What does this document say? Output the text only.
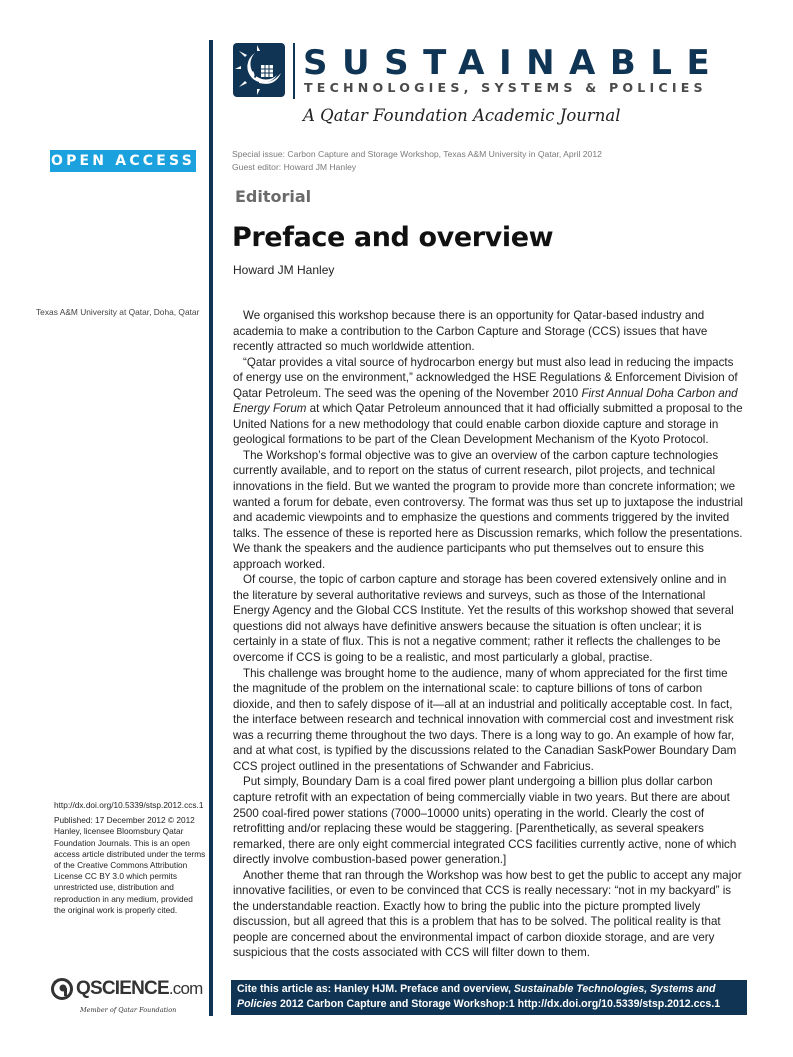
SUSTAINABLE
TECHNOLOGIES, SYSTEMS & POLICIES
A Qatar Foundation Academic Journal
OPEN ACCESS	Special issue: Carbon Capture and Storage Workshop, Texas A&M University in Qatar, April 2012
Guest editor: Howard JM Hanley
Editorial
Preface and overview
Howard JM Hanley
Texas A&M University at Qatar, Doha, Qatar	We organised this workshop because there is an opportunity for Qatar-based industry and academia to make a contribution to the Carbon Capture and Storage (CCS) issues that have recently attracted so much worldwide attention.

“Qatar provides a vital source of hydrocarbon energy but must also lead in reducing the impacts of energy use on the environment,” acknowledged the HSE Regulations & Enforcement Division of Qatar Petroleum. The seed was the opening of the November 2010 First Annual Doha Carbon and Energy Forum at which Qatar Petroleum announced that it had officially submitted a proposal to the United Nations for a new methodology that could enable carbon dioxide capture and storage in geological formations to be part of the Clean Development Mechanism of the Kyoto Protocol.

The Workshop’s formal objective was to give an overview of the carbon capture technologies currently available, and to report on the status of current research, pilot projects, and technical innovations in the field. But we wanted the program to provide more than concrete information; we wanted a forum for debate, even controversy. The format was thus set up to juxtapose the industrial and academic viewpoints and to emphasize the questions and comments triggered by the invited talks. The essence of these is reported here as Discussion remarks, which follow the presentations. We thank the speakers and the audience participants who put themselves out to ensure this approach worked.

Of course, the topic of carbon capture and storage has been covered extensively online and in the literature by several authoritative reviews and surveys, such as those of the International Energy Agency and the Global CCS Institute. Yet the results of this workshop showed that several questions did not always have definitive answers because the situation is often unclear; it is certainly in a state of flux. This is not a negative comment; rather it reflects the challenges to be overcome if CCS is going to be a realistic, and most particularly a global, practise.

This challenge was brought home to the audience, many of whom appreciated for the first time the magnitude of the problem on the international scale: to capture billions of tons of carbon dioxide, and then to safely dispose of it—all at an industrial and politically acceptable cost. In fact, the interface between research and technical innovation with commercial cost and investment risk was a recurring theme throughout the two days. There is a long way to go. An example of how far, and at what cost, is typified by the discussions related to the Canadian SaskPower Boundary Dam CCS project outlined in the presentations of Schwander and Fabricius.

Put simply, Boundary Dam is a coal fired power plant undergoing a billion plus dollar carbon capture retrofit with an expectation of being commercially viable in two years. But there are about 2500 coal-fired power stations (7000–10000 units) operating in the world. Clearly the cost of retrofitting and/or replacing these would be staggering. [Parenthetically, as several speakers remarked, there are only eight commercial integrated CCS facilities currently active, none of which directly involve combustion-based power generation.]

Another theme that ran through the Workshop was how best to get the public to accept any major innovative facilities, or even to be convinced that CCS is really necessary: “not in my backyard” is the understandable reaction. Exactly how to bring the public into the picture prompted lively discussion, but all agreed that this is a problem that has to be solved. The political reality is that people are concerned about the environmental impact of carbon dioxide storage, and are very suspicious that the costs associated with CCS will filter down to them.

http://dx.doi.org/10.5339/stsp.2012.ccs.1

Published: 17 December 2012 © 2012 Hanley, licensee Bloomsbury Qatar Foundation Journals. This is an open access article distributed under the terms of the Creative Commons Attribution License CC BY 3.0 which permits unrestricted use, distribution and reproduction in any medium, provided the original work is properly cited.

QSCIENCE.com
Member of Qatar Foundation
Cite this article as: Hanley HJM. Preface and overview, Sustainable Technologies, Systems and
Policies 2012 Carbon Capture and Storage Workshop:1 http://dx.doi.org/10.5339/stsp.2012.ccs.1
